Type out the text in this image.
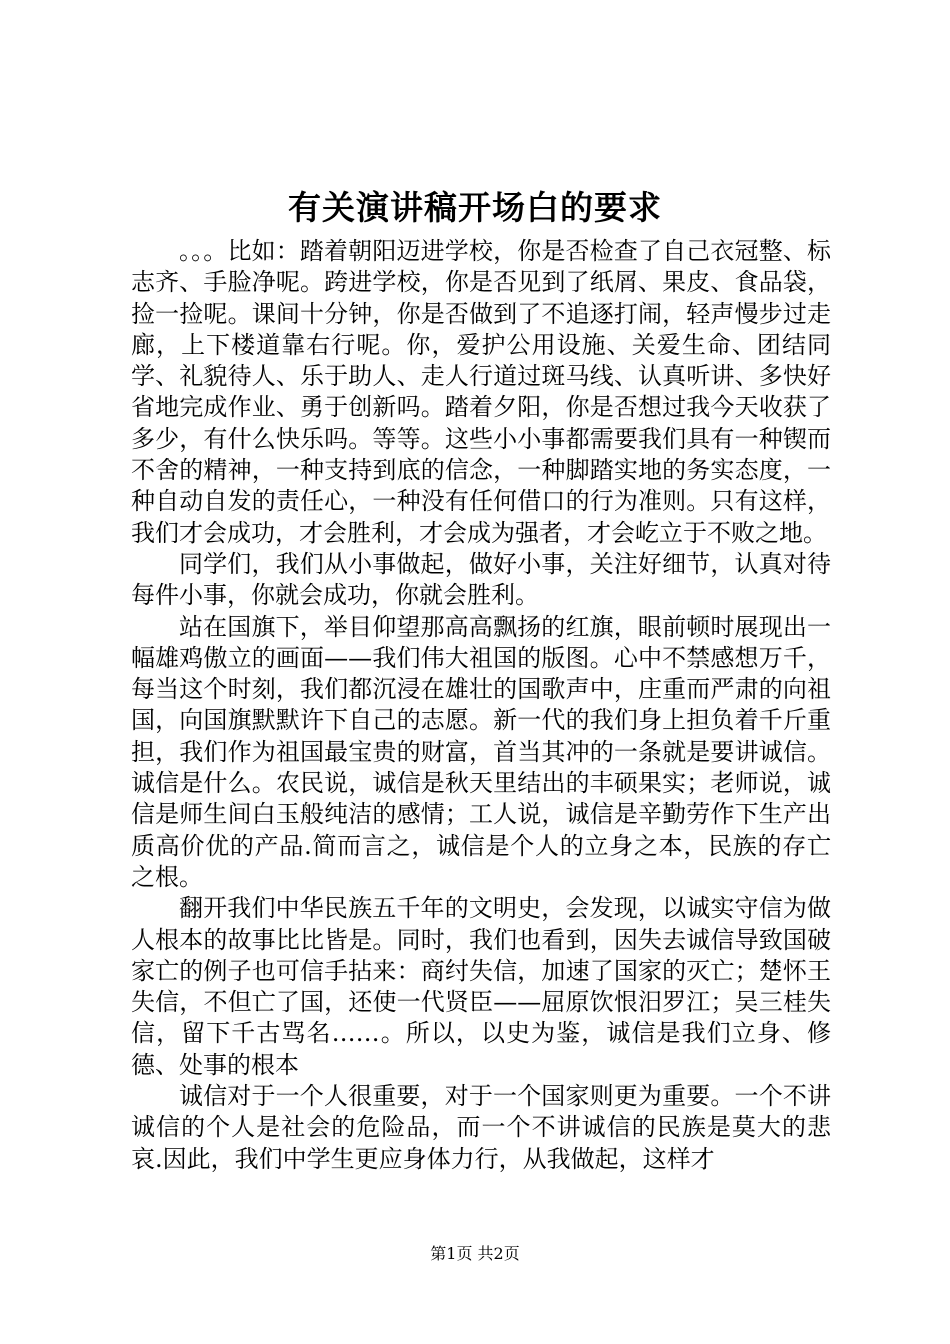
有关演讲稿开场白的要求

。。。比如：踏着朝阳迈进学校，你是否检查了自己衣冠整、标志齐、手脸净呢。跨进学校，你是否见到了纸屑、果皮、食品袋，捡一捡呢。课间十分钟，你是否做到了不追逐打闹，轻声慢步过走廊，上下楼道靠右行呢。你，爱护公用设施、关爱生命、团结同学、礼貌待人、乐于助人、走人行道过斑马线、认真听讲、多快好省地完成作业、勇于创新吗。踏着夕阳，你是否想过我今天收获了多少，有什么快乐吗。等等。这些小小事都需要我们具有一种锲而不舍的精神，一种支持到底的信念，一种脚踏实地的务实态度，一种自动自发的责任心，一种没有任何借口的行为准则。只有这样，我们才会成功，才会胜利，才会成为强者，才会屹立于不败之地。

同学们，我们从小事做起，做好小事，关注好细节，认真对待每件小事，你就会成功，你就会胜利。

站在国旗下，举目仰望那高高飘扬的红旗，眼前顿时展现出一幅雄鸡傲立的画面——我们伟大祖国的版图。心中不禁感想万千，每当这个时刻，我们都沉浸在雄壮的国歌声中，庄重而严肃的向祖国，向国旗默默许下自己的志愿。新一代的我们身上担负着千斤重担，我们作为祖国最宝贵的财富，首当其冲的一条就是要讲诚信。诚信是什么。农民说，诚信是秋天里结出的丰硕果实；老师说，诚信是师生间白玉般纯洁的感情；工人说，诚信是辛勤劳作下生产出质高价优的产品.简而言之，诚信是个人的立身之本，民族的存亡之根。

翻开我们中华民族五千年的文明史，会发现，以诚实守信为做人根本的故事比比皆是。同时，我们也看到，因失去诚信导致国破家亡的例子也可信手拈来：商纣失信，加速了国家的灭亡；楚怀王失信，不但亡了国，还使一代贤臣——屈原饮恨汨罗江；吴三桂失信，留下千古骂名……。所以，以史为鉴，诚信是我们立身、修德、处事的根本

诚信对于一个人很重要，对于一个国家则更为重要。一个不讲诚信的个人是社会的危险品，而一个不讲诚信的民族是莫大的悲哀.因此，我们中学生更应身体力行，从我做起，这样才

第1页 共2页
